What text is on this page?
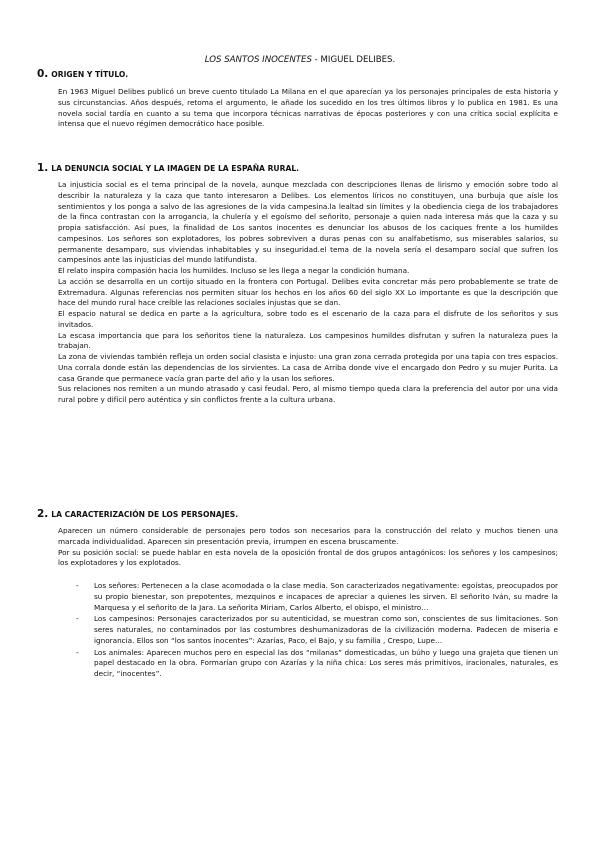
LOS SANTOS INOCENTES - MIGUEL DELIBES.
0. ORIGEN Y TÍTULO.

En 1963 Miguel Delibes publicó un breve cuento titulado La Milana en el que aparecían ya los personajes principales de esta historia y sus circunstancias. Años después, retoma el argumento, le añade los sucedido en los tres últimos libros y lo publica en 1981. Es una novela social tardía en cuanto a su tema que incorpora técnicas narrativas de épocas posteriores y con una crítica social explícita e intensa que el nuevo régimen democrático hace posible.

1. LA DENUNCIA SOCIAL Y LA IMAGEN DE LA ESPAÑA RURAL.

La injusticia social es el tema principal de la novela, aunque mezclada con descripciones llenas de lirismo y emoción sobre todo al describir la naturaleza y la caza que tanto interesaron a Delibes. Los elementos líricos no constituyen, una burbuja que aísle los sentimientos y los ponga a salvo de las agresiones de la vida campesina.la lealtad sin límites y la obediencia ciega de los trabajadores de la finca contrastan con la arrogancia, la chulería y el egoísmo del señorito, personaje a quien nada interesa más que la caza y su propia satisfacción. Así pues, la finalidad de Los santos inocentes es denunciar los abusos de los caciques frente a los humildes campesinos. Los señores son explotadores, los pobres sobreviven a duras penas con su analfabetismo, sus miserables salarios, su permanente desamparo, sus viviendas inhabitables y su inseguridad.el tema de la novela sería el desamparo social que sufren los campesinos ante las injusticias del mundo latifundista.

El relato inspira compasión hacia los humildes. Incluso se les llega a negar la condición humana.

La acción se desarrolla en un cortijo situado en la frontera con Portugal. Delibes evita concretar más pero probablemente se trate de Extremadura. Algunas referencias nos permiten situar los hechos en los años 60 del siglo XX Lo importante es que la descripción que hace del mundo rural hace creíble las relaciones sociales injustas que se dan.

El espacio natural se dedica en parte a la agricultura, sobre todo es el escenario de la caza para el disfrute de los señoritos y sus invitados.

La escasa importancia que para los señoritos tiene la naturaleza. Los campesinos humildes disfrutan y sufren la naturaleza pues la trabajan.

La zona de viviendas también refleja un orden social clasista e injusto: una gran zona cerrada protegida por una tapia con tres espacios. Una corrala donde están las dependencias de los sirvientes. La casa de Arriba donde vive el encargado don Pedro y su mujer Purita. La casa Grande que permanece vacía gran parte del año y la usan los señores.

Sus relaciones nos remiten a un mundo atrasado y casi feudal. Pero, al mismo tiempo queda clara la preferencia del autor por una vida rural pobre y difícil pero auténtica y sin conflictos frente a la cultura urbana.

2. LA CARACTERIZACIÓN DE LOS PERSONAJES.

Aparecen un número considerable de personajes pero todos son necesarios para la construcción del relato y muchos tienen una marcada individualidad. Aparecen sin presentación previa, irrumpen en escena bruscamente.

Por su posición social: se puede hablar en esta novela de la oposición frontal de dos grupos antagónicos: los señores y los campesinos; los explotadores y los explotados.

- Los señores: Pertenecen a la clase acomodada o la clase media. Son caracterizados negativamente: egoístas, preocupados por su propio bienestar, son prepotentes, mezquinos e incapaces de apreciar a quienes les sirven. El señorito Iván, su madre la Marquesa y el señorito de la Jara. La señorita Miriam, Carlos Alberto, el obispo, el ministro…
- Los campesinos: Personajes caracterizados por su autenticidad, se muestran como son, conscientes de sus limitaciones. Son seres naturales, no contaminados por las costumbres deshumanizadoras de la civilización moderna. Padecen de miseria e ignorancia. Ellos son “los santos inocentes”: Azarías, Paco, el Bajo, y su familia , Crespo, Lupe…
- Los animales: Aparecen muchos pero en especial las dos “milanas” domesticadas, un búho y luego una grajeta que tienen un papel destacado en la obra. Formarían grupo con Azarías y la niña chica: Los seres más primitivos, iracionales, naturales, es decir, “inocentes”.
